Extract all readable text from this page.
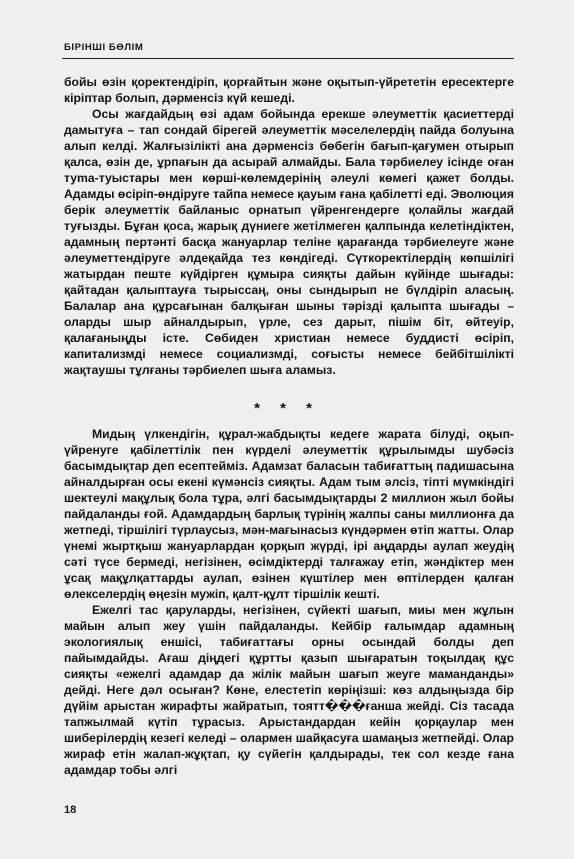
БІРІНШІ БӨЛІМ

бойы өзін қоректендіріп, қорғайтын және оқытып-үйрететін ересектерге кіріптар болып, дәрменсіз күй кешеді.

Осы жағдайдың өзі адам бойында ерекше әлеуметтік қасиеттерді дамытуға – тап сондай бірегей әлеуметтік мәселелердің пайда болуына алып келді. Жалғызілікті ана дәрменсіз бөбегін бағып-қағумен отырып қалса, өзін де, ұрпағын да асырай алмайды. Бала тәрбиелеу ісінде оған туma-туыстары мен көрші-көлемдерінің әлеулі көмегі қажет болды. Адамды өсіріп-өндіруге тайпа немесе қауым ғана қабілетті еді. Эволюция берік әлеуметтік байланыс орнатып үйренгендерге қолайлы жағдай туғызды. Бұған қоса, жарық дүниеге жетілмеген қалпында келетіндіктен, адамның пертәнті басқа жануарлар теліне қарағанда тәрбиелеуге және әлеуметтендіруге әлдеқайда тез көндігеді. Сүткоректілердің көпшілігі жатырдан пеште күйдірген құмыра сияқты дайын күйінде шығады: қайтадан қалыптауға тырыссаң, оны сындырып не бүлдіріп аласың. Балалар ана құрсағынан балқыған шыны тәрізді қалыпта шығады – оларды шыр айналдырып, үрле, сез дарыт, пішім біт, өйтеуір, қалағаныңды істе. Сөбиден христиан немесе буддисті өсіріп, капитализмді немесе социализмді, соғысты немесе бейбітшілікті жақтаушы тұлғаны тәрбиелеп шыға аламыз.

* * *

Мидың үлкендігін, құрал-жабдықты кедеге жарата білуді, оқып-үйренуге қабілеттілік пен күрделі әлеуметтік құрылымды шубәсіз басымдықтар деп есептейміз. Адамзат баласын табиғаттың падишасына айналдырған осы екені күмәнсіз сияқты. Адам тым әлсіз, тіпті мүмкіндігі шектеулі мақұлық бола тұра, әлгі басымдықтарды 2 миллион жыл бойы пайдаланды ғой. Адамдардың барлық түрінің жалпы саны миллионға да жетпеді, тіршілігі түрлаусыз, мән-мағынасыз күндәрмен өтіп жатты. Олар үнемі жыртқыш жануарлардан қорқып жүрді, ірі аңдарды аулап жеудің сәті түсе бермеді, негізінен, өсімдіктерді талғажау етіп, жәндіктер мен ұсақ мақұлқаттарды аулап, өзінен күштілер мен өптілерден қалған өлекселердің өңезін мужіп, қалт-құлт тіршілік кешті.

Ежелгі тас қаруларды, негізінен, сүйекті шағып, миы мен жұлын майын алып жеу үшін пайдаланды. Кейбір ғалымдар адамның экологиялық еншісі, табиғаттағы орны осындай болды деп пайымдайды. Ағаш діңдегі құртты қазып шығаратын тоқылдақ құс сияқты «ежелгі адамдар да жілік майын шағып жеуге маманданды» дейді. Неге дәл осыған? Көне, елестетіп көріңізші: көз алдыңызда бір дүйім арыстан жирафты жайратып, тоятт���ғанша жейді. Сіз тасада тапжылмай күтіп тұрасыз. Арыстандардан кейін қорқаулар мен шиберілердің кезегі келеді – олармен шайқасуға шамаңыз жетпейді. Олар жираф етін жалап-жұқтап, қу сүйегін қалдырады, тек сол кезде ғана адамдар тобы әлгі

18
